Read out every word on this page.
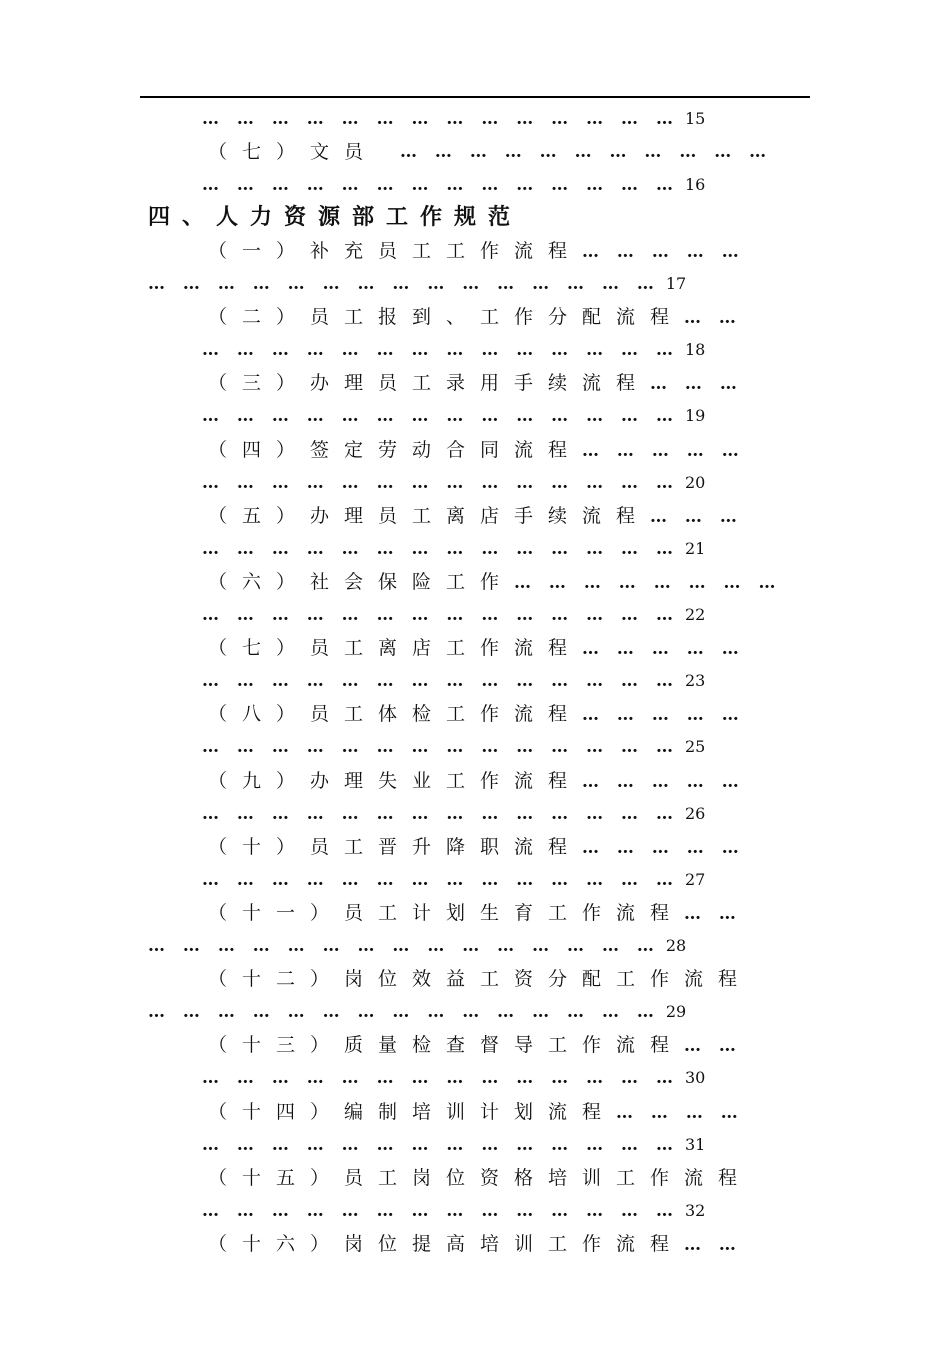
… … … … … … … … … … … … … … 15
（七）文员 … … … … … … … … … … …
… … … … … … … … … … … … … … 16
四、人力资源部工作规范
（一）补充员工工作流程… … … … …
… … … … … … … … … … … … … … … 17
（二）员工报到、工作分配流程… …
… … … … … … … … … … … … … … 18
（三）办理员工录用手续流程… … …
… … … … … … … … … … … … … … 19
（四）签定劳动合同流程… … … … …
… … … … … … … … … … … … … … 20
（五）办理员工离店手续流程… … …
… … … … … … … … … … … … … … 21
（六）社会保险工作… … … … … … … …
… … … … … … … … … … … … … … 22
（七）员工离店工作流程… … … … …
… … … … … … … … … … … … … … 23
（八）员工体检工作流程… … … … …
… … … … … … … … … … … … … … 25
（九）办理失业工作流程… … … … …
… … … … … … … … … … … … … … 26
（十）员工晋升降职流程… … … … …
… … … … … … … … … … … … … … 27
（十一）员工计划生育工作流程… …
… … … … … … … … … … … … … … … 28
（十二）岗位效益工资分配工作流程
… … … … … … … … … … … … … … … 29
（十三）质量检查督导工作流程… …
… … … … … … … … … … … … … … 30
（十四）编制培训计划流程… … … …
… … … … … … … … … … … … … … 31
（十五）员工岗位资格培训工作流程
… … … … … … … … … … … … … … 32
（十六）岗位提高培训工作流程… …
